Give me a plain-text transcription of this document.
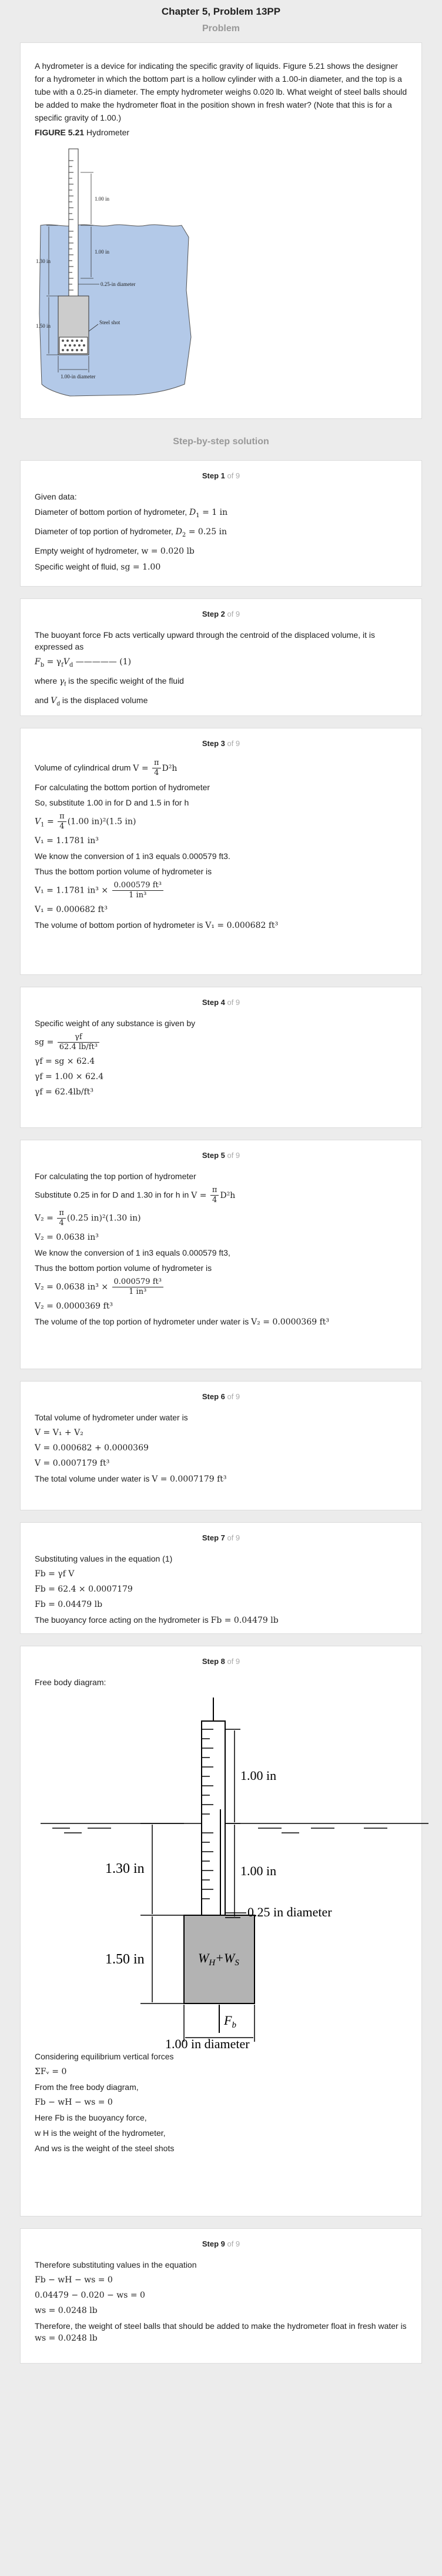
Chapter 5, Problem 13PP
Problem
A hydrometer is a device for indicating the specific gravity of liquids. Figure 5.21 shows the designer for a hydrometer in which the bottom part is a hollow cylinder with a 1.00-in diameter, and the top is a tube with a 0.25-in diameter. The empty hydrometer weighs 0.020 lb. What weight of steel balls should be added to make the hydrometer float in the position shown in fresh water? (Note that this is for a specific gravity of 1.00.)
FIGURE 5.21 Hydrometer
1.00 in
1.00 in
0.25-in diameter
1.30 in
1.50 in
Steel shot
1.00-in diameter
Step-by-step solution
Step 1 of 9
Given data:
Diameter of bottom portion of hydrometer, $D_1 = 1$ in
Diameter of top portion of hydrometer, $D_2 = 0.25$ in
Empty weight of hydrometer, w = 0.020 lb
Specific weight of fluid, sg = 1.00
Step 2 of 9
The buoyant force Fb acts vertically upward through the centroid of the displaced volume, it is expressed as
$F_b = \gamma_fV_d$ ————— (1)
where $\gamma_f$ is the specific weight of the fluid
and $V_d$ is the displaced volume
Step 3 of 9
Volume of cylindrical drum $V = \frac{\pi}{4} D^2h$
For calculating the bottom portion of hydrometer
So, substitute 1.00 in for D and 1.5 in for h
$V_1 = \frac{\pi}{4} (1.00$ in)²(1.5 in)
V₁ = 1.1781 in³
We know the conversion of 1 in3 equals 0.000579 ft3.
Thus the bottom portion volume of hydrometer is
V₁ = 1.1781 $in^3 \times \frac{\text{0.000579 ft³}}{\text{1 in³}}$
V₁ = 0.000682 ft³
The volume of bottom portion of hydrometer is V₁ = 0.000682 ft³
Step 4 of 9
Specific weight of any substance is given by
sg = $\frac{\gamma f}{\text{62.4 lb/ft³}}$
γf = sg × 62.4
γf = 1.00 × 62.4
γf = 62.4lb/ft³
Step 5 of 9
For calculating the top portion of hydrometer
Substitute 0.25 in for D and 1.30 in for h in $V = \frac{\pi}{4} D^2h$
$V_2 = \frac{\pi}{4} (0.25$ in)²(1.30 in)
V₂ = 0.0638 in³
We know the conversion of 1 in3 equals 0.000579 ft3,
Thus the bottom portion volume of hydrometer is
V₂ = 0.0638 $in^3 \times \frac{\text{0.000579 ft³}}{\text{1 in³}}$
V₂ = 0.0000369 ft³
The volume of the top portion of hydrometer under water is V₂ = 0.0000369 ft³
Step 6 of 9
Total volume of hydrometer under water is
V = V₁ + V₂
V = 0.000682 + 0.0000369
V = 0.0007179 ft³
The total volume under water is V = 0.0007179 ft³
Step 7 of 9
Substituting values in the equation (1)
Fb = γf V
Fb = 62.4 × 0.0007179
Fb = 0.04479 lb
The buoyancy force acting on the hydrometer is Fb = 0.04479 lb
Step 8 of 9
Free body diagram:
1.00 in
1.00 in
0.25 in diameter
1.30 in
1.50 in	$W_H+W_S$
$F_b$
1.00 in diameter
Considering equilibrium vertical forces
ΣFᵥ = 0
From the free body diagram,
Fb − wH − ws = 0
Here Fb is the buoyancy force,
w H is the weight of the hydrometer,
And ws is the weight of the steel shots
Step 9 of 9
Therefore substituting values in the equation
Fb − wH − ws = 0
0.04479 − 0.020 − ws = 0
ws = 0.0248 lb
Therefore, the weight of steel balls that should be added to make the hydrometer float in fresh water is ws = 0.0248 lb
